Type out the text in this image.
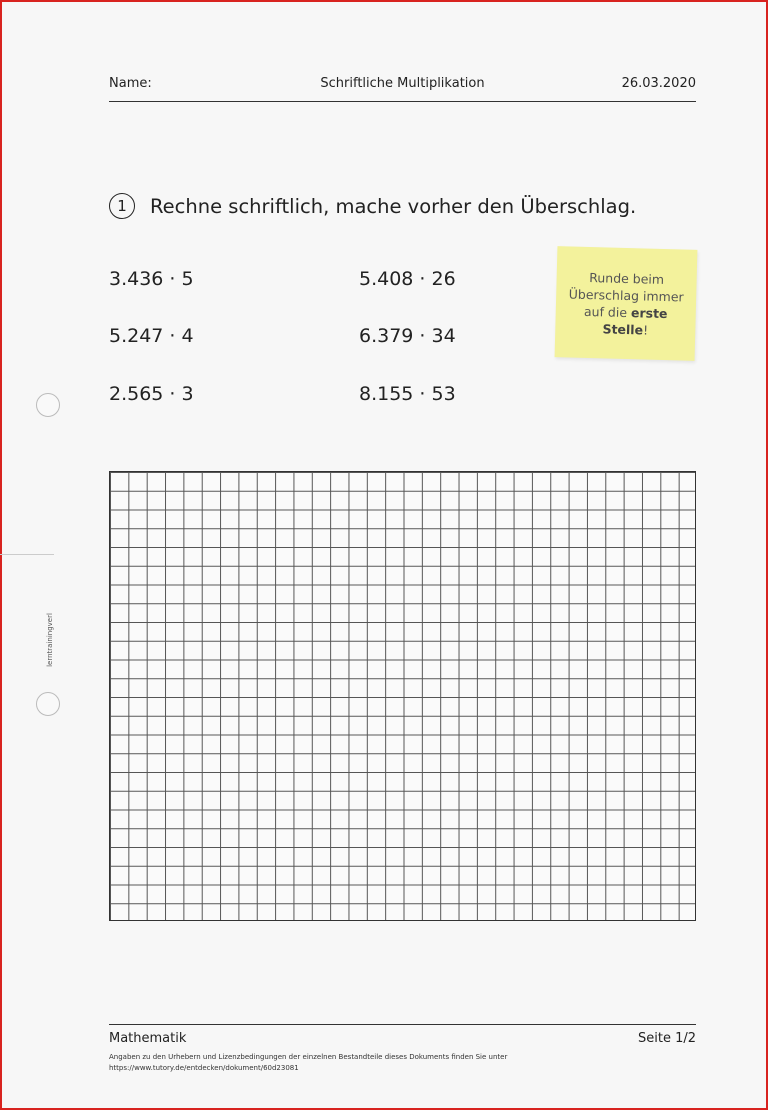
Name:	Schriftliche Multiplikation	26.03.2020
1	Rechne schriftlich, mache vorher den Überschlag.
3.436 · 5
5.247 · 4
2.565 · 3
5.408 · 26
6.379 · 34
8.155 · 53
Runde beim Überschlag immer auf die erste Stelle!
lerntrainingverl
Mathematik	Seite 1/2
Angaben zu den Urhebern und Lizenzbedingungen der einzelnen Bestandteile dieses Dokuments finden Sie unter
https://www.tutory.de/entdecken/dokument/60d23081
